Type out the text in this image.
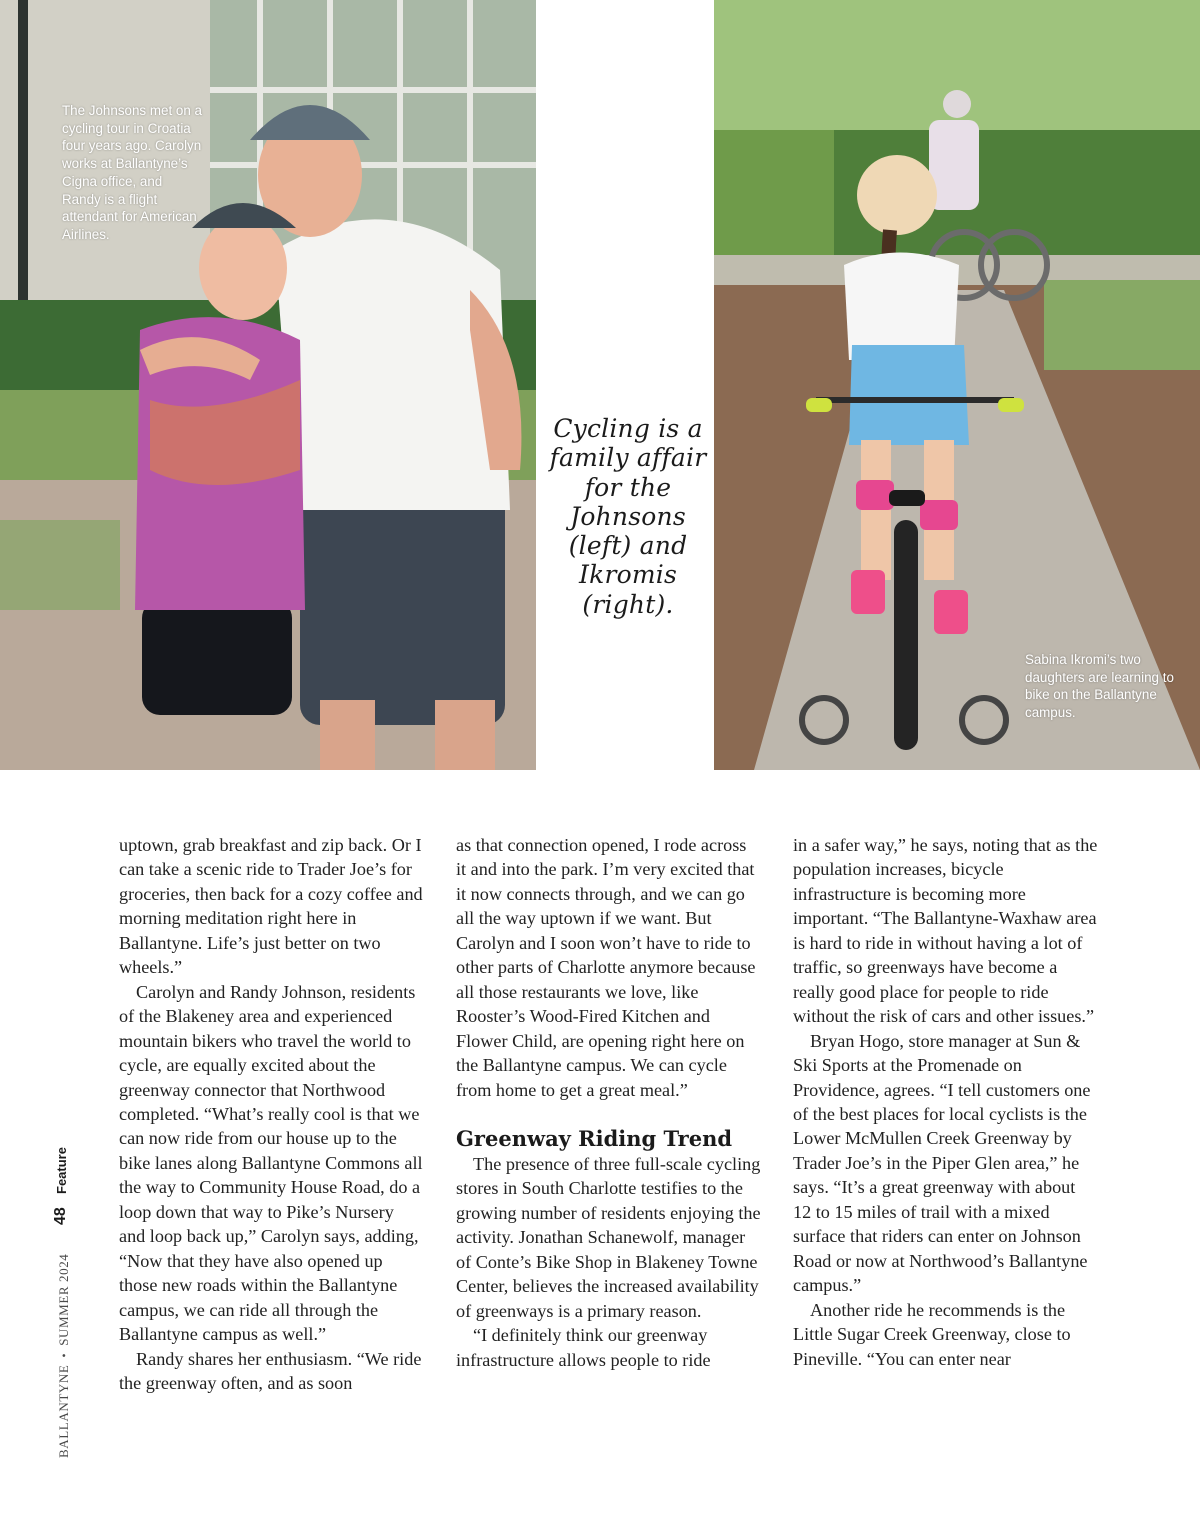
The Johnsons met on a cycling tour in Croatia four years ago. Carolyn works at Ballantyne’s Cigna office, and Randy is a flight attendant for American Airlines.

Cycling is a family affair for the Johnsons (left) and Ikromis (right).

Sabina Ikromi’s two daughters are learning to bike on the Ballantyne campus.

Feature
48
BALLANTYNE
•
SUMMER 2024

uptown, grab breakfast and zip back. Or I can take a scenic ride to Trader Joe’s for groceries, then back for a cozy coffee and morning meditation right here in Ballantyne. Life’s just better on two wheels.”

Carolyn and Randy Johnson, residents of the Blakeney area and experienced mountain bikers who travel the world to cycle, are equally excited about the greenway connector that Northwood completed. “What’s really cool is that we can now ride from our house up to the bike lanes along Ballantyne Commons all the way to Community House Road, do a loop down that way to Pike’s Nursery and loop back up,” Carolyn says, adding, “Now that they have also opened up those new roads within the Ballantyne campus, we can ride all through the Ballantyne campus as well.”

Randy shares her enthusiasm. “We ride the greenway often, and as soon

as that connection opened, I rode across it and into the park. I’m very excited that it now connects through, and we can go all the way uptown if we want. But Carolyn and I soon won’t have to ride to other parts of Charlotte anymore because all those restaurants we love, like Rooster’s Wood-Fired Kitchen and Flower Child, are opening right here on the Ballantyne campus. We can cycle from home to get a great meal.”

Greenway Riding Trend

The presence of three full-scale cycling stores in South Charlotte testifies to the growing number of residents enjoying the activity. Jonathan Schanewolf, manager of Conte’s Bike Shop in Blakeney Towne Center, believes the increased availability of greenways is a primary reason.

“I definitely think our greenway infrastructure allows people to ride

in a safer way,” he says, noting that as the population increases, bicycle infrastructure is becoming more important. “The Ballantyne-Waxhaw area is hard to ride in without having a lot of traffic, so greenways have become a really good place for people to ride without the risk of cars and other issues.”

Bryan Hogo, store manager at Sun & Ski Sports at the Promenade on Providence, agrees. “I tell customers one of the best places for local cyclists is the Lower McMullen Creek Greenway by Trader Joe’s in the Piper Glen area,” he says. “It’s a great greenway with about 12 to 15 miles of trail with a mixed surface that riders can enter on Johnson Road or now at Northwood’s Ballantyne campus.”

Another ride he recommends is the Little Sugar Creek Greenway, close to Pineville. “You can enter near
